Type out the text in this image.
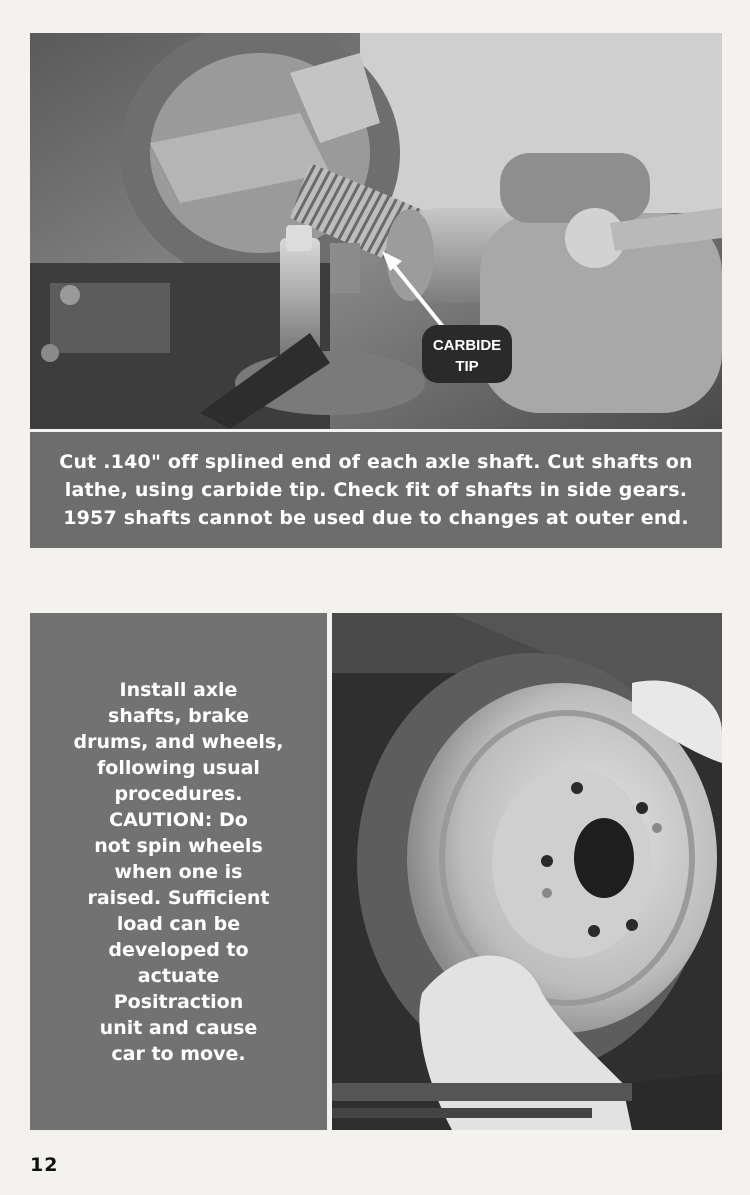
CARBIDE
TIP

Cut .140" off splined end of each axle shaft. Cut shafts on lathe, using carbide tip. Check fit of shafts in side gears. 1957 shafts cannot be used due to changes at outer end.

Install axle
shafts, brake
drums, and wheels,
following usual
procedures.
CAUTION: Do
not spin wheels
when one is
raised. Sufficient
load can be
developed to
actuate
Positraction
unit and cause
car to move.

12
